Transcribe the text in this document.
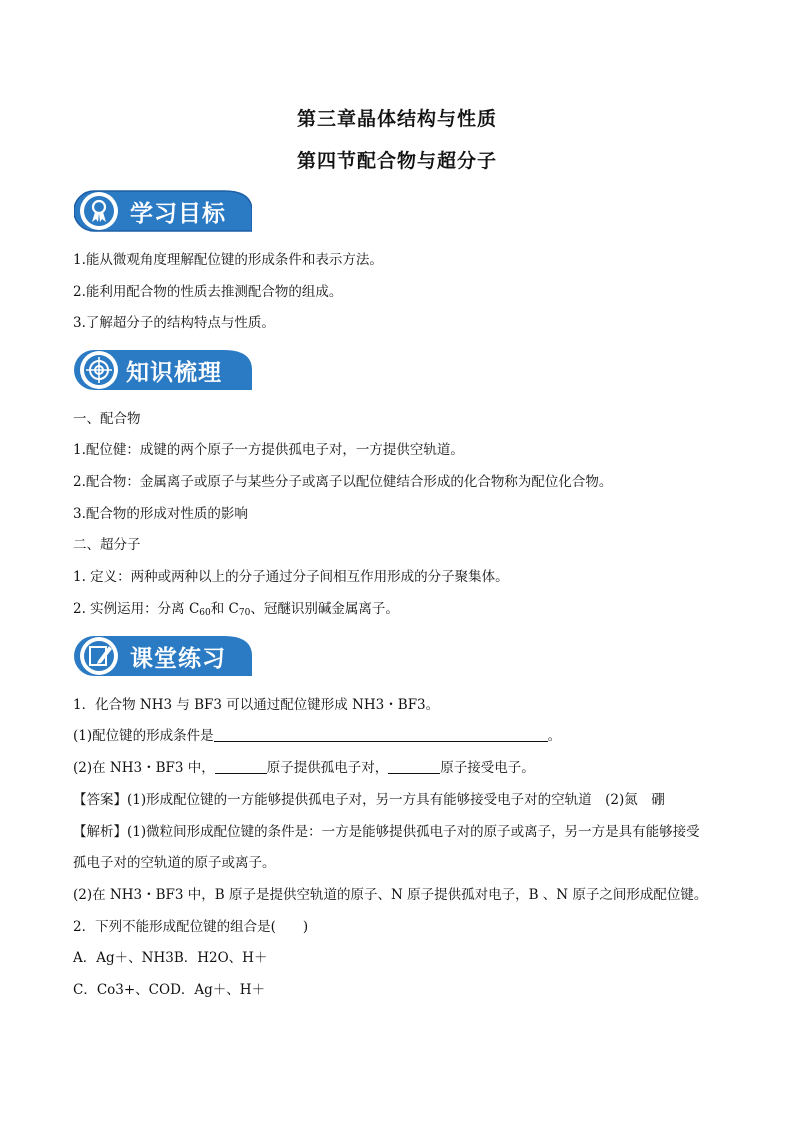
第三章晶体结构与性质
第四节配合物与超分子
学习目标
1.能从微观角度理解配位键的形成条件和表示方法。
2.能利用配合物的性质去推测配合物的组成。
3.了解超分子的结构特点与性质。
知识梳理
一、配合物
1.配位健：成键的两个原子一方提供孤电子对，一方提供空轨道。
2.配合物：金属离子或原子与某些分子或离子以配位健结合形成的化合物称为配位化合物。
3.配合物的形成对性质的影响
二、超分子
1. 定义：两种或两种以上的分子通过分子间相互作用形成的分子聚集体。
2. 实例运用：分离 $C_{60}$和 $C_{70}$、冠醚识别碱金属离子。
课堂练习
1．化合物 NH3 与 BF3 可以通过配位键形成 NH3・BF3。
(1)配位键的形成条件是	。
(2)在 NH3・BF3 中，	原子提供孤电子对，	原子接受电子。
【答案】(1)形成配位键的一方能够提供孤电子对，另一方具有能够接受电子对的空轨道　(2)氮　硼
【解析】(1)微粒间形成配位键的条件是：一方是能够提供孤电子对的原子或离子，另一方是具有能够接受
孤电子对的空轨道的原子或离子。
(2)在 NH3・BF3 中，B 原子是提供空轨道的原子、N 原子提供孤对电子，B 、N 原子之间形成配位键。
2．下列不能形成配位键的组合是(　　)
A．Ag＋、NH3B．H2O、H＋
C．Co3+、COD．Ag＋、H＋
